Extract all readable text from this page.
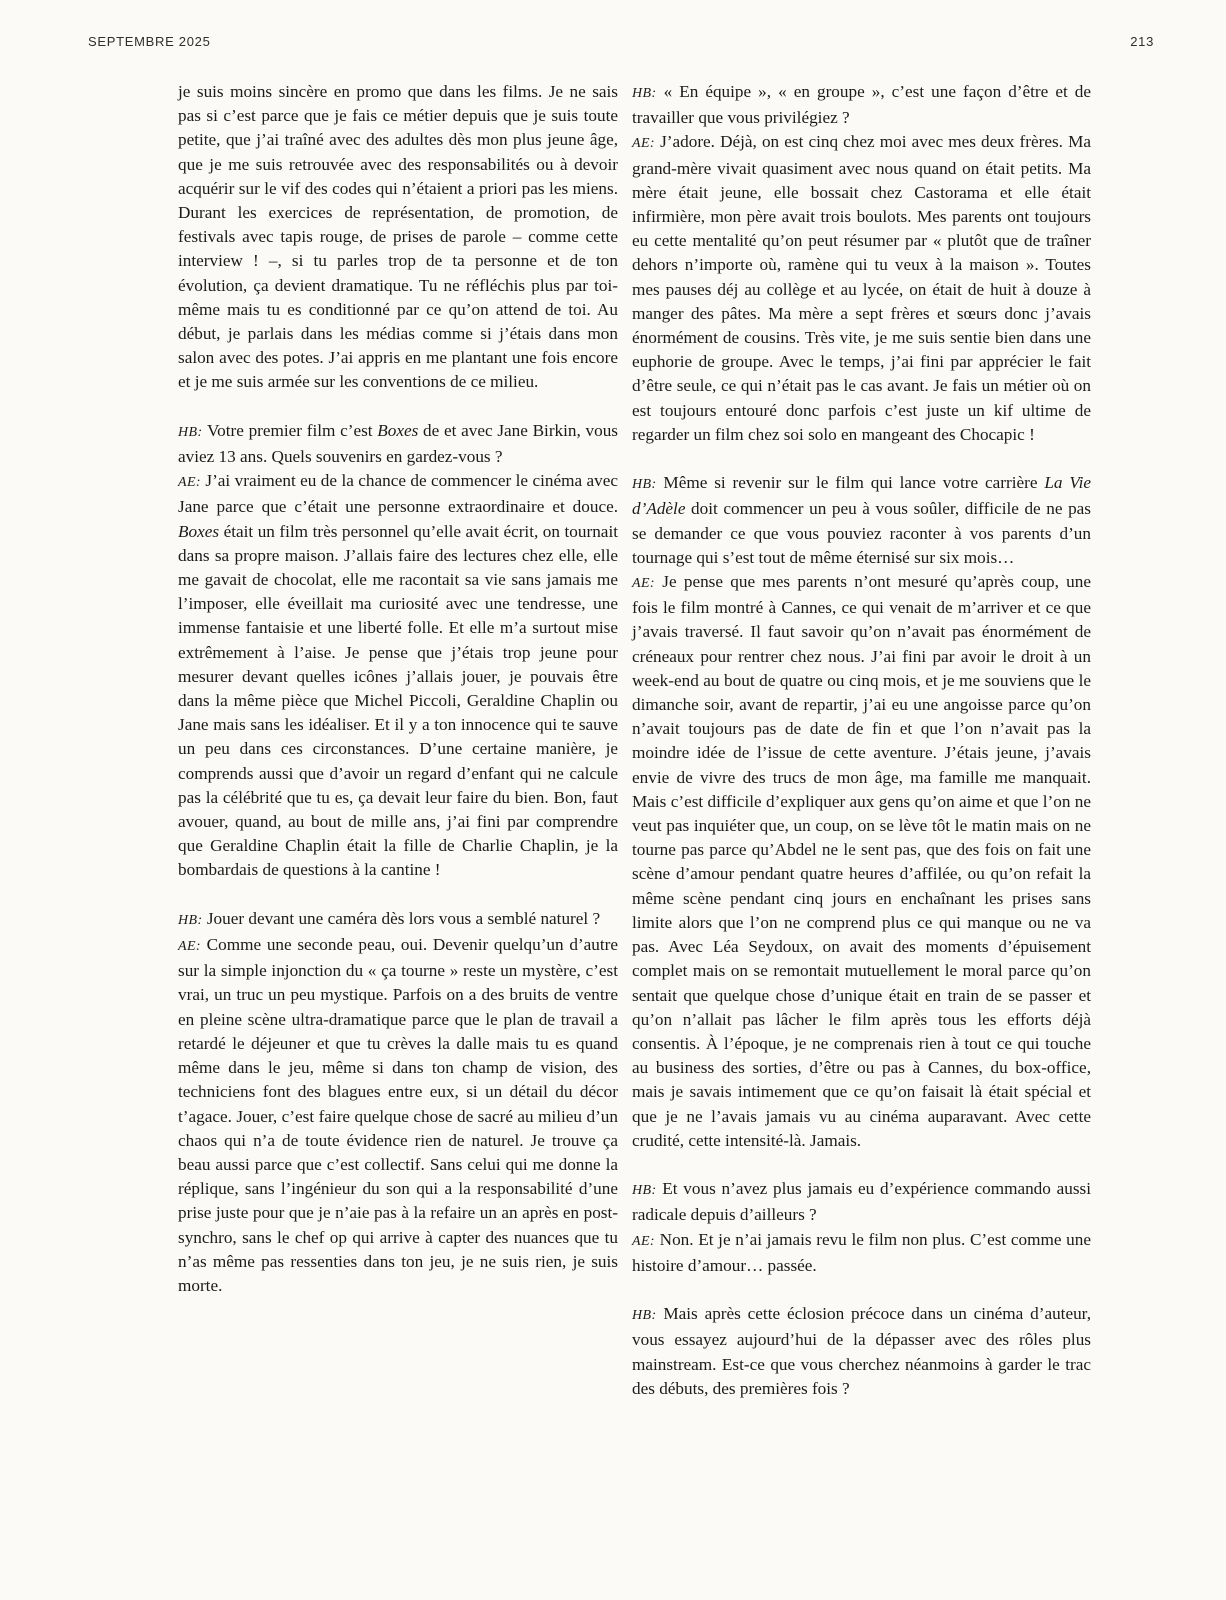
SEPTEMBRE 2025	213

je suis moins sincère en promo que dans les films. Je ne sais pas si c’est parce que je fais ce métier depuis que je suis toute petite, que j’ai traîné avec des adultes dès mon plus jeune âge, que je me suis retrouvée avec des responsabilités ou à devoir acquérir sur le vif des codes qui n’étaient a priori pas les miens. Durant les exercices de représentation, de promotion, de festivals avec tapis rouge, de prises de parole – comme cette interview ! –, si tu parles trop de ta personne et de ton évolution, ça devient dramatique. Tu ne réfléchis plus par toi-même mais tu es conditionné par ce qu’on attend de toi. Au début, je parlais dans les médias comme si j’étais dans mon salon avec des potes. J’ai appris en me plantant une fois encore et je me suis armée sur les conventions de ce milieu.

HB: Votre premier film c’est Boxes de et avec Jane Birkin, vous aviez 13 ans. Quels souvenirs en gardez-vous ?

AE: J’ai vraiment eu de la chance de commencer le cinéma avec Jane parce que c’était une personne extraordinaire et douce. Boxes était un film très personnel qu’elle avait écrit, on tournait dans sa propre maison. J’allais faire des lectures chez elle, elle me gavait de chocolat, elle me racontait sa vie sans jamais me l’imposer, elle éveillait ma curiosité avec une tendresse, une immense fantaisie et une liberté folle. Et elle m’a surtout mise extrêmement à l’aise. Je pense que j’étais trop jeune pour mesurer devant quelles icônes j’allais jouer, je pouvais être dans la même pièce que Michel Piccoli, Geraldine Chaplin ou Jane mais sans les idéaliser. Et il y a ton innocence qui te sauve un peu dans ces circonstances. D’une certaine manière, je comprends aussi que d’avoir un regard d’enfant qui ne calcule pas la célébrité que tu es, ça devait leur faire du bien. Bon, faut avouer, quand, au bout de mille ans, j’ai fini par comprendre que Geraldine Chaplin était la fille de Charlie Chaplin, je la bombardais de questions à la cantine !

HB: Jouer devant une caméra dès lors vous a semblé naturel ?

AE: Comme une seconde peau, oui. Devenir quelqu’un d’autre sur la simple injonction du « ça tourne » reste un mystère, c’est vrai, un truc un peu mystique. Parfois on a des bruits de ventre en pleine scène ultra-dramatique parce que le plan de travail a retardé le déjeuner et que tu crèves la dalle mais tu es quand même dans le jeu, même si dans ton champ de vision, des techniciens font des blagues entre eux, si un détail du décor t’agace. Jouer, c’est faire quelque chose de sacré au milieu d’un chaos qui n’a de toute évidence rien de naturel. Je trouve ça beau aussi parce que c’est collectif. Sans celui qui me donne la réplique, sans l’ingénieur du son qui a la responsabilité d’une prise juste pour que je n’aie pas à la refaire un an après en post-synchro, sans le chef op qui arrive à capter des nuances que tu n’as même pas ressenties dans ton jeu, je ne suis rien, je suis morte.

HB: « En équipe », « en groupe », c’est une façon d’être et de travailler que vous privilégiez ?

AE: J’adore. Déjà, on est cinq chez moi avec mes deux frères. Ma grand-mère vivait quasiment avec nous quand on était petits. Ma mère était jeune, elle bossait chez Castorama et elle était infirmière, mon père avait trois boulots. Mes parents ont toujours eu cette mentalité qu’on peut résumer par « plutôt que de traîner dehors n’importe où, ramène qui tu veux à la maison ». Toutes mes pauses déj au collège et au lycée, on était de huit à douze à manger des pâtes. Ma mère a sept frères et sœurs donc j’avais énormément de cousins. Très vite, je me suis sentie bien dans une euphorie de groupe. Avec le temps, j’ai fini par apprécier le fait d’être seule, ce qui n’était pas le cas avant. Je fais un métier où on est toujours entouré donc parfois c’est juste un kif ultime de regarder un film chez soi solo en mangeant des Chocapic !

HB: Même si revenir sur le film qui lance votre carrière La Vie d’Adèle doit commencer un peu à vous soûler, difficile de ne pas se demander ce que vous pouviez raconter à vos parents d’un tournage qui s’est tout de même éternisé sur six mois…

AE: Je pense que mes parents n’ont mesuré qu’après coup, une fois le film montré à Cannes, ce qui venait de m’arriver et ce que j’avais traversé. Il faut savoir qu’on n’avait pas énormément de créneaux pour rentrer chez nous. J’ai fini par avoir le droit à un week-end au bout de quatre ou cinq mois, et je me souviens que le dimanche soir, avant de repartir, j’ai eu une angoisse parce qu’on n’avait toujours pas de date de fin et que l’on n’avait pas la moindre idée de l’issue de cette aventure. J’étais jeune, j’avais envie de vivre des trucs de mon âge, ma famille me manquait. Mais c’est difficile d’expliquer aux gens qu’on aime et que l’on ne veut pas inquiéter que, un coup, on se lève tôt le matin mais on ne tourne pas parce qu’Abdel ne le sent pas, que des fois on fait une scène d’amour pendant quatre heures d’affilée, ou qu’on refait la même scène pendant cinq jours en enchaînant les prises sans limite alors que l’on ne comprend plus ce qui manque ou ne va pas. Avec Léa Seydoux, on avait des moments d’épuisement complet mais on se remontait mutuellement le moral parce qu’on sentait que quelque chose d’unique était en train de se passer et qu’on n’allait pas lâcher le film après tous les efforts déjà consentis. À l’époque, je ne comprenais rien à tout ce qui touche au business des sorties, d’être ou pas à Cannes, du box-office, mais je savais intimement que ce qu’on faisait là était spécial et que je ne l’avais jamais vu au cinéma auparavant. Avec cette crudité, cette intensité-là. Jamais.

HB: Et vous n’avez plus jamais eu d’expérience commando aussi radicale depuis d’ailleurs ?

AE: Non. Et je n’ai jamais revu le film non plus. C’est comme une histoire d’amour… passée.

HB: Mais après cette éclosion précoce dans un cinéma d’auteur, vous essayez aujourd’hui de la dépasser avec des rôles plus mainstream. Est-ce que vous cherchez néanmoins à garder le trac des débuts, des premières fois ?
